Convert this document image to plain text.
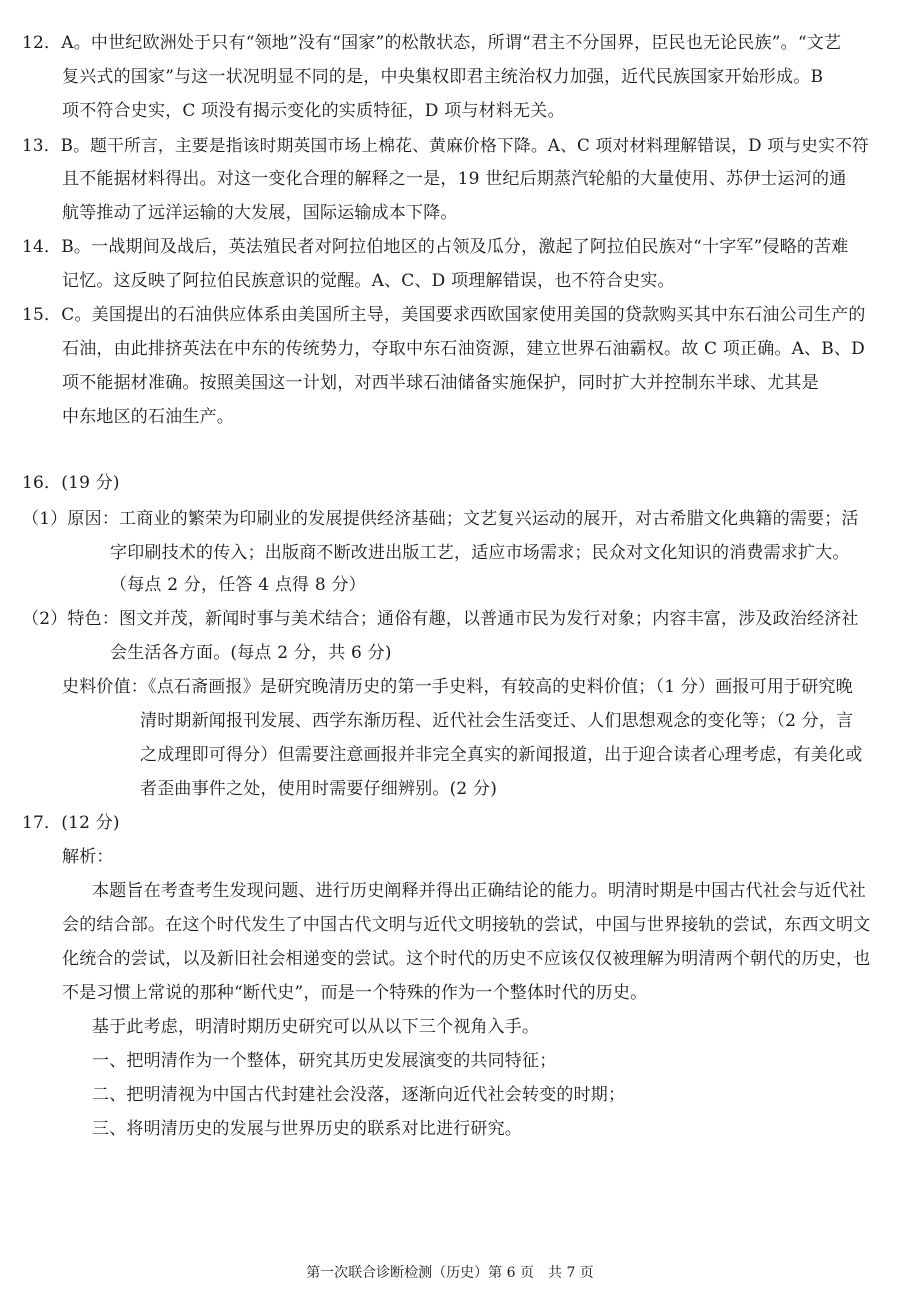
12．A。中世纪欧洲处于只有“领地”没有“国家”的松散状态，所谓“君主不分国界，臣民也无论民族”。“文艺
复兴式的国家”与这一状况明显不同的是，中央集权即君主统治权力加强，近代民族国家开始形成。B
项不符合史实，C 项没有揭示变化的实质特征，D 项与材料无关。
13．B。题干所言，主要是指该时期英国市场上棉花、黄麻价格下降。A、C 项对材料理解错误，D 项与史实不符
且不能据材料得出。对这一变化合理的解释之一是，19 世纪后期蒸汽轮船的大量使用、苏伊士运河的通
航等推动了远洋运输的大发展，国际运输成本下降。
14．B。一战期间及战后，英法殖民者对阿拉伯地区的占领及瓜分，激起了阿拉伯民族对“十字军”侵略的苦难
记忆。这反映了阿拉伯民族意识的觉醒。A、C、D 项理解错误，也不符合史实。
15．C。美国提出的石油供应体系由美国所主导，美国要求西欧国家使用美国的贷款购买其中东石油公司生产的
石油，由此排挤英法在中东的传统势力，夺取中东石油资源，建立世界石油霸权。故 C 项正确。A、B、D
项不能据材准确。按照美国这一计划，对西半球石油储备实施保护，同时扩大并控制东半球、尤其是
中东地区的石油生产。
16．(19 分)
（1）原因：工商业的繁荣为印刷业的发展提供经济基础；文艺复兴运动的展开，对古希腊文化典籍的需要；活
字印刷技术的传入；出版商不断改进出版工艺，适应市场需求；民众对文化知识的消费需求扩大。
（每点 2 分，任答 4 点得 8 分）
（2）特色：图文并茂，新闻时事与美术结合；通俗有趣，以普通市民为发行对象；内容丰富，涉及政治经济社
会生活各方面。(每点 2 分，共 6 分)
史料价值：《点石斋画报》是研究晚清历史的第一手史料，有较高的史料价值；（1 分）画报可用于研究晚
清时期新闻报刊发展、西学东渐历程、近代社会生活变迁、人们思想观念的变化等；（2 分，言
之成理即可得分）但需要注意画报并非完全真实的新闻报道，出于迎合读者心理考虑，有美化或
者歪曲事件之处，使用时需要仔细辨别。(2 分)
17．(12 分)
解析：
本题旨在考查考生发现问题、进行历史阐释并得出正确结论的能力。明清时期是中国古代社会与近代社
会的结合部。在这个时代发生了中国古代文明与近代文明接轨的尝试，中国与世界接轨的尝试，东西文明文
化统合的尝试，以及新旧社会相递变的尝试。这个时代的历史不应该仅仅被理解为明清两个朝代的历史，也
不是习惯上常说的那种“断代史”，而是一个特殊的作为一个整体时代的历史。
基于此考虑，明清时期历史研究可以从以下三个视角入手。
一、把明清作为一个整体，研究其历史发展演变的共同特征；
二、把明清视为中国古代封建社会没落，逐渐向近代社会转变的时期；
三、将明清历史的发展与世界历史的联系对比进行研究。
第一次联合诊断检测（历史）第 6 页　共 7 页
